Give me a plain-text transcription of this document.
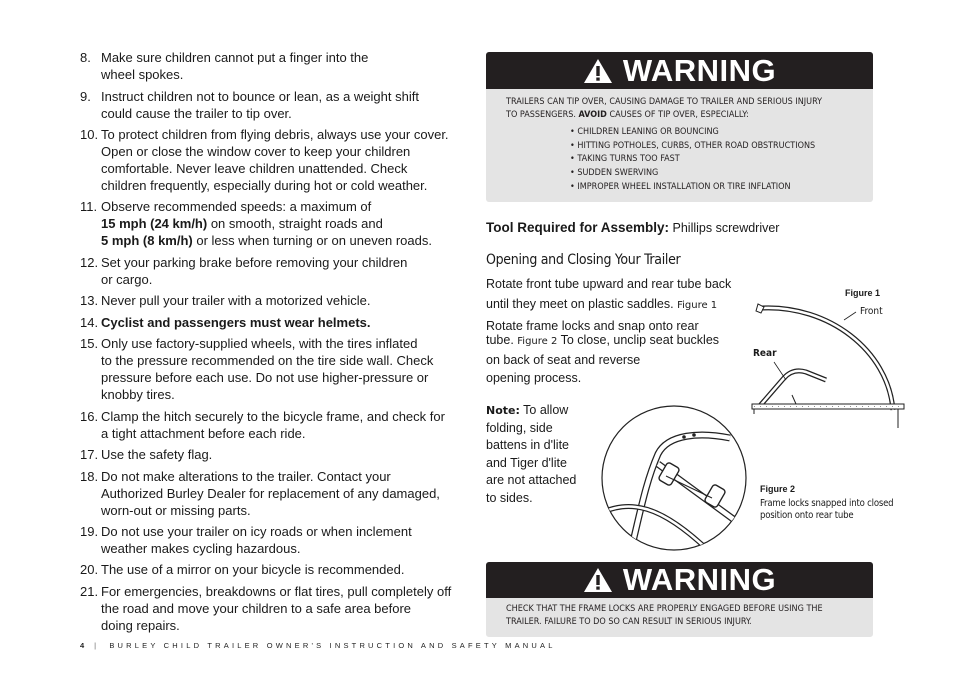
8. Make sure children cannot put a finger into the
wheel spokes.
9. Instruct children not to bounce or lean, as a weight shift
could cause the trailer to tip over.
10. To protect children from flying debris, always use your cover.
Open or close the window cover to keep your children
comfortable. Never leave children unattended. Check
children frequently, especially during hot or cold weather.
11. Observe recommended speeds: a maximum of
15 mph (24 km/h) on smooth, straight roads and
5 mph (8 km/h) or less when turning or on uneven roads.
12. Set your parking brake before removing your children
or cargo.
13. Never pull your trailer with a motorized vehicle.
14. Cyclist and passengers must wear helmets.
15. Only use factory-supplied wheels, with the tires inflated
to the pressure recommended on the tire side wall. Check
pressure before each use. Do not use higher-pressure or
knobby tires.
16. Clamp the hitch securely to the bicycle frame, and check for
a tight attachment before each ride.
17. Use the safety flag.
18. Do not make alterations to the trailer. Contact your
Authorized Burley Dealer for replacement of any damaged,
worn-out or missing parts.
19. Do not use your trailer on icy roads or when inclement
weather makes cycling hazardous.
20. The use of a mirror on your bicycle is recommended.
21. For emergencies, breakdowns or flat tires, pull completely off
the road and move your children to a safe area before
doing repairs.
4 | BURLEY CHILD TRAILER OWNER'S INSTRUCTION AND SAFETY MANUAL
WARNING
TRAILERS CAN TIP OVER, CAUSING DAMAGE TO TRAILER AND SERIOUS INJURY
TO PASSENGERS. AVOID CAUSES OF TIP OVER, ESPECIALLY:
• CHILDREN LEANING OR BOUNCING
• HITTING POTHOLES, CURBS, OTHER ROAD OBSTRUCTIONS
• TAKING TURNS TOO FAST
• SUDDEN SWERVING
• IMPROPER WHEEL INSTALLATION OR TIRE INFLATION
Tool Required for Assembly: Phillips screwdriver
Opening and Closing Your Trailer
Rotate front tube upward and rear tube back
until they meet on plastic saddles. Figure 1
Rotate frame locks and snap onto rear
tube. Figure 2 To close, unclip seat buckles
on back of seat and reverse
opening process.
Note: To allow
folding, side
battens in d'lite
and Tiger d'lite
are not attached
to sides.
Figure 1
Front
Rear
Figure 2
Frame locks snapped into closed
position onto rear tube
WARNING
CHECK THAT THE FRAME LOCKS ARE PROPERLY ENGAGED BEFORE USING THE
TRAILER. FAILURE TO DO SO CAN RESULT IN SERIOUS INJURY.
